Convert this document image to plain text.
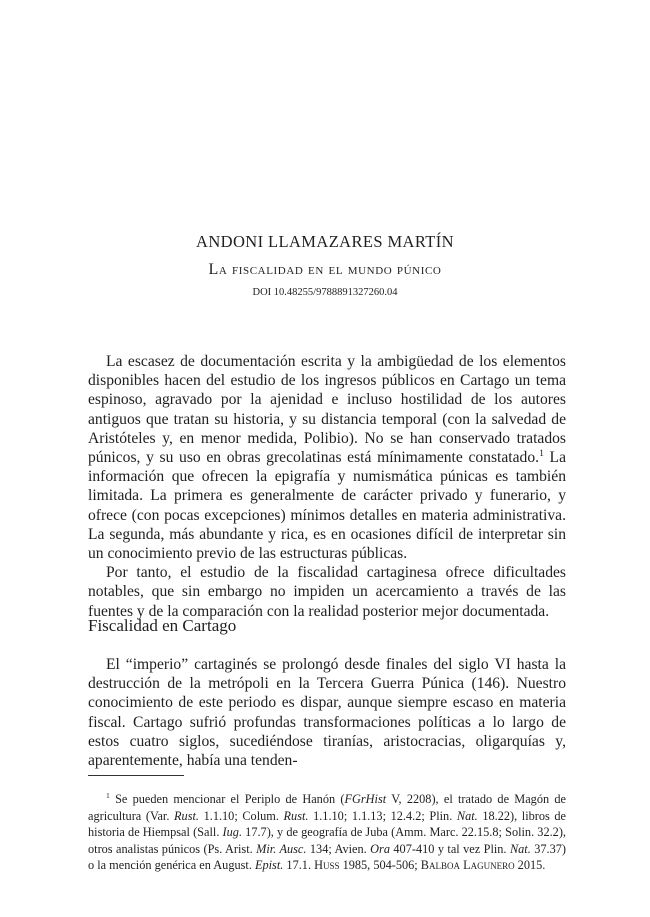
ANDONI LLAMAZARES MARTÍN
La fiscalidad en el mundo púnico
DOI 10.48255/9788891327260.04

La escasez de documentación escrita y la ambigüedad de los elementos disponibles hacen del estudio de los ingresos públicos en Cartago un tema espinoso, agravado por la ajenidad e incluso hostilidad de los autores antiguos que tratan su historia, y su distancia temporal (con la salvedad de Aristóteles y, en menor medida, Polibio). No se han conservado tratados púnicos, y su uso en obras grecolatinas está mínimamente constatado.$^1$ La información que ofrecen la epigrafía y numismática púnicas es también limitada. La primera es generalmente de carácter privado y funerario, y ofrece (con pocas excepciones) mínimos detalles en materia administrativa. La segunda, más abundante y rica, es en ocasiones difícil de interpretar sin un conocimiento previo de las estructuras públicas.

Por tanto, el estudio de la fiscalidad cartaginesa ofrece dificultades notables, que sin embargo no impiden un acercamiento a través de las fuentes y de la comparación con la realidad posterior mejor documentada.

Fiscalidad en Cartago

El “imperio” cartaginés se prolongó desde finales del siglo VI hasta la destrucción de la metrópoli en la Tercera Guerra Púnica (146). Nuestro conocimiento de este periodo es dispar, aunque siempre escaso en materia fiscal. Cartago sufrió profundas transformaciones políticas a lo largo de estos cuatro siglos, sucediéndose tiranías, aristocracias, oligarquías y, aparentemente, había una tenden-

$^1$ Se pueden mencionar el Periplo de Hanón (FGrHist V, 2208), el tratado de Magón de agricultura (Var. Rust. 1.1.10; Colum. Rust. 1.1.10; 1.1.13; 12.4.2; Plin. Nat. 18.22), libros de historia de Hiempsal (Sall. Iug. 17.7), y de geografía de Juba (Amm. Marc. 22.15.8; Solin. 32.2), otros analistas púnicos (Ps. Arist. Mir. Ausc. 134; Avien. Ora 407-410 y tal vez Plin. Nat. 37.37) o la mención genérica en August. Epist. 17.1. Huss 1985, 504-506; Balboa Lagunero 2015.
